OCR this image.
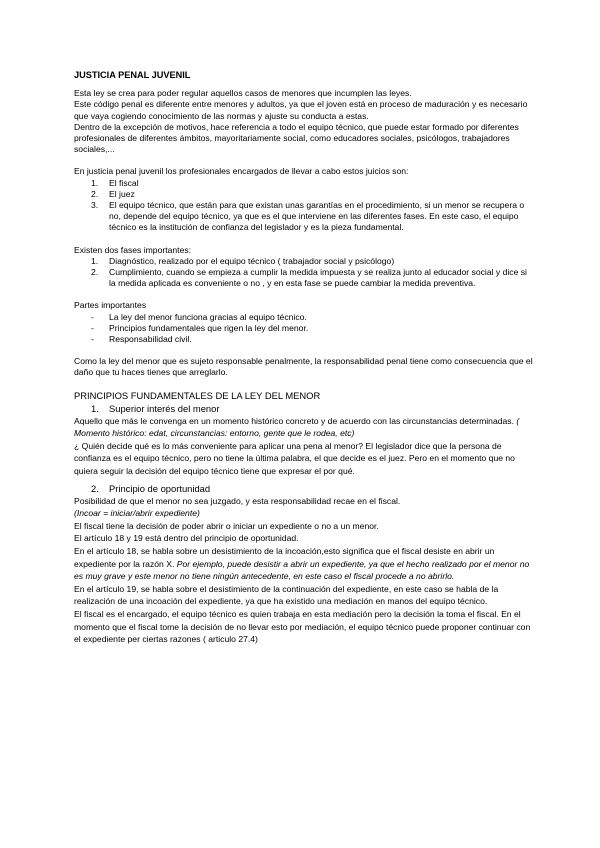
JUSTICIA PENAL JUVENIL

Esta ley se crea para poder regular aquellos casos de menores que incumplen las leyes.

Este código penal es diferente entre menores y adultos, ya que el joven está en proceso de maduración y es necesario que vaya cogiendo conocimiento de las normas y ajuste su conducta a estas.

Dentro de la excepción de motivos, hace referencia a todo el equipo técnico, que puede estar formado por diferentes profesionales de diferentes ámbitos, mayoritariamente social, como educadores sociales, psicólogos, trabajadores sociales,...

En justicia penal juvenil los profesionales encargados de llevar a cabo estos juicios son:

1. El fiscal
2. El juez
3. El equipo técnico, que están para que existan unas garantías en el procedimiento, si un menor se recupera o no, depende del equipo técnico, ya que es el que interviene en las diferentes fases. En este caso, el equipo técnico es la institución de confianza del legislador y es la pieza fundamental.

Existen dos fases importantes:

1. Diagnóstico, realizado por el equipo técnico ( trabajador social y psicólogo)
2. Cumplimiento, cuando se empieza a cumplir la medida impuesta y se realiza junto al educador social y dice si la medida aplicada es conveniente o no , y en esta fase se puede cambiar la medida preventiva.

Partes importantes

- La ley del menor funciona gracias al equipo técnico.
- Principios fundamentales que rigen la ley del menor.
- Responsabilidad civil.

Como la ley del menor que es sujeto responsable penalmente, la responsabilidad penal tiene como consecuencia que el daño que tu haces tienes que arreglarlo.

PRINCIPIOS FUNDAMENTALES DE LA LEY DEL MENOR

1. Superior interés del menor

Aquello que más le convenga en un momento histórico concreto y de acuerdo con las circunstancias determinadas. ( Momento histórico: edat, circunstancias: entorno, gente que le rodea, etc)

¿ Quién decide qué es lo más conveniente para aplicar una pena al menor? El legislador dice que la persona de confianza es el equipo técnico, pero no tiene la última palabra, el que decide es el juez. Pero en el momento que no quiera seguir la decisión del equipo técnico tiene que expresar el por qué.

2. Principio de oportunidad

Posibilidad de que el menor no sea juzgado, y esta responsabilidad recae en el fiscal.

(Incoar = iniciar/abrir expediente)

El fiscal tiene la decisión de poder abrir o iniciar un expediente o no a un menor.

El artículo 18 y 19 está dentro del principio de oportunidad.

En el artículo 18, se habla sobre un desistimiento de la incoación,esto significa que el fiscal desiste en abrir un expediente por la razón X. Por ejemplo, puede desistir a abrir un expediente, ya que el hecho realizado por el menor no es muy grave y este menor no tiene ningún antecedente, en este caso el fiscal procede a no abrirlo.

En el artículo 19, se habla sobre el desistimiento de la continuación del expediente, en este caso se habla de la realización de una incoación del expediente, ya que ha existido una mediación en manos del equipo técnico.

El fiscal es el encargado, el equipo técnico es quien trabaja en esta mediación pero la decisión la toma el fiscal. En el momento que el fiscal tome la decisión de no llevar esto por mediación, el equipo técnico puede proponer continuar con el expediente per ciertas razones ( articulo 27.4)
